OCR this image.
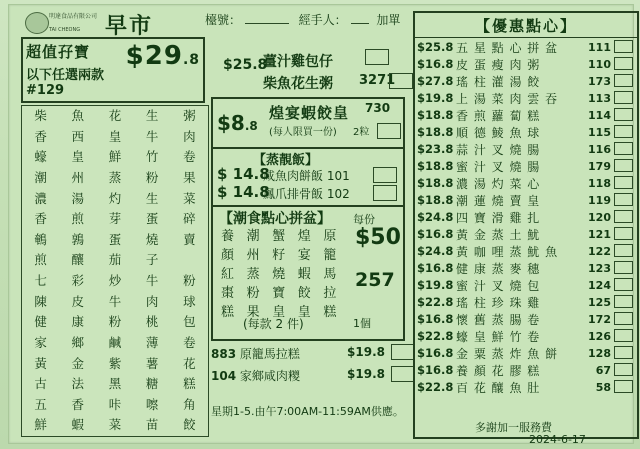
明達食品有限公司
TAI CHEONG 早市	檯號：	經手人： 加單
超值孖寶 $29.8
以下任選兩款 #129
柴	魚	花	生	粥
香	西	皇	牛	肉
蠔	皇	鮮	竹	卷
潮	州	蒸	粉	果
濃	湯	灼	生	菜
香	煎	芽	蛋	碎
鵪	鶉	蛋	燒	賣
煎	釀	茄	子	
七	彩	炒	牛	粉
陳	皮	牛	肉	球
健	康	粉	桃	包
家	鄉	鹹	薄	卷
黃	金	紫	薯	花
古	法	黑	糖	糕
五	香	咔	嚓	角
鮮	蝦	菜	苗	餃
$25.8
薑汁雞包仔
柴魚花生粥 3271
$8.8
煌宴蝦餃皇 730
(每人限買一份) 2粒
【蒸靚飯】
$ 14.8
咸魚肉餅飯 101
$ 14.8
鳳爪排骨飯 102
【潮食點心拼盆】 每份
$50
257
養	潮	蟹	煌	原
顏	州	籽	宴	籠
紅	蒸	燒	蝦	馬
棗	粉	寶	餃	拉
糕	果	皇	皇	糕
(每款 2 件)	1個
883 原籠馬拉糕	$19.8
104 家鄉咸肉糭	$19.8
星期1-5.由午7:00AM-11:59AM供應。
【優惠點心】
$25.8 五 星 點 心 拼 盆	111
$16.8 皮 蛋 瘦 肉 粥	110
$27.8 瑤 柱 灌 湯 餃	173
$19.8 上 湯 菜 肉 雲 吞	113
$18.8 香 煎 蘿 蔔 糕	114
$18.8 順 德 鯪 魚 球	115
$23.8 蒜 汁 叉 燒 腸	116
$18.8 蜜 汁 叉 燒 腸	179
$18.8 濃 湯 灼 菜 心	118
$18.8 潮 蓮 燒 賣 皇	119
$24.8 四 寶 滑 雞 扎	120
$16.8 黃 金 蒸 土 魷	121
$24.8 黃 咖 哩 蒸 魷 魚	122
$16.8 健 康 蒸 麥 穗	123
$19.8 蜜 汁 叉 燒 包	124
$22.8 瑤 柱 珍 珠 雞	125
$16.8 懷 舊 蒸 腸 卷	172
$22.8 蠔 皇 鮮 竹 卷	126
$16.8 金 粟 蒸 炸 魚 餅	128
$16.8 養 顏 花 膠 糕	67
$22.8 百 花 釀 魚 肚	58
多謝加一服務費
2024-6-17
